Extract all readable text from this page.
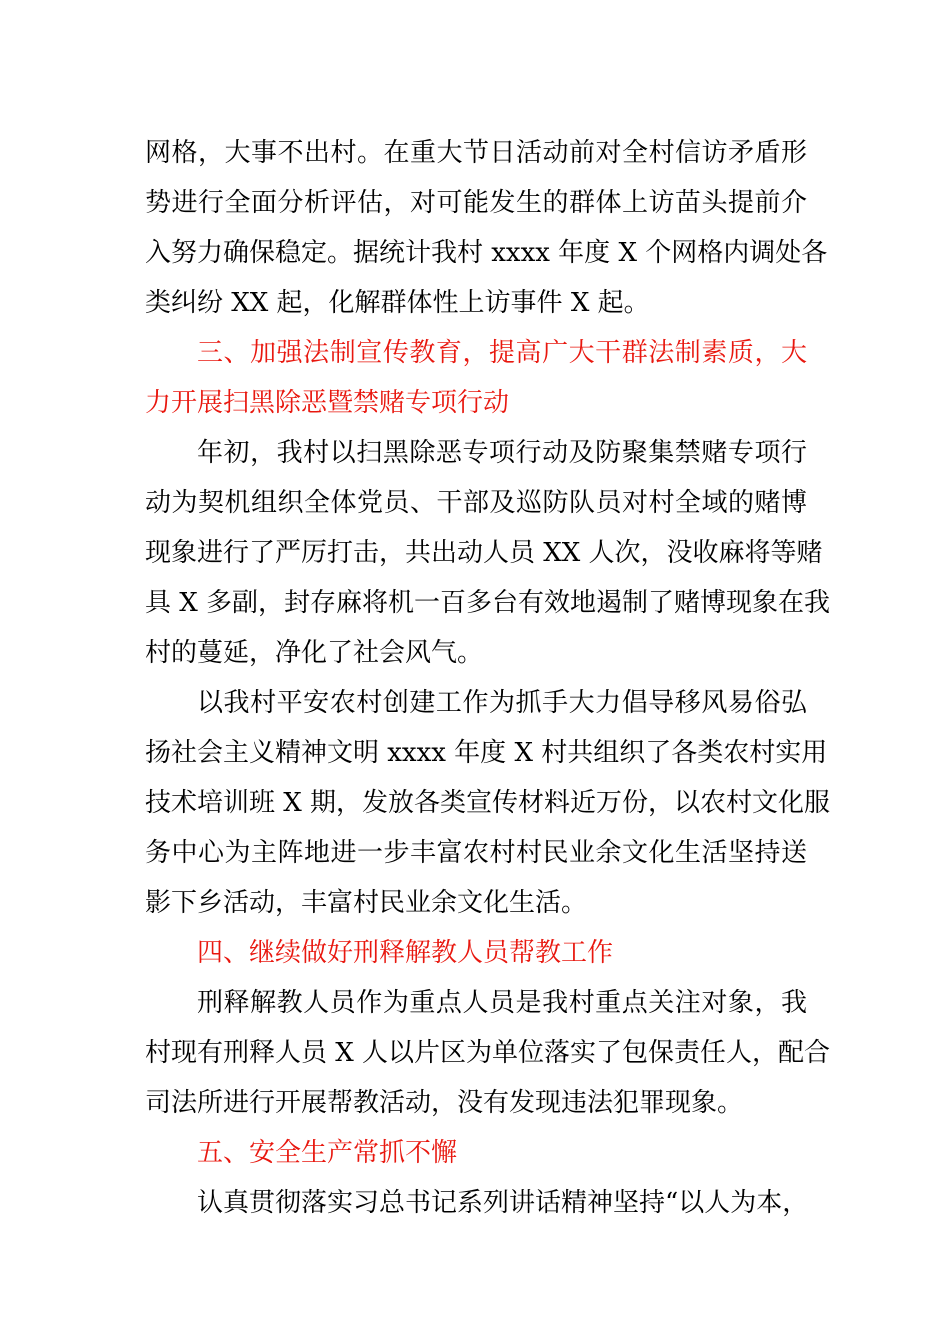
网格，大事不出村。在重大节日活动前对全村信访矛盾形
势进行全面分析评估，对可能发生的群体上访苗头提前介
入努力确保稳定。据统计我村 xxxx 年度 X 个网格内调处各
类纠纷 XX 起，化解群体性上访事件 X 起。
三、加强法制宣传教育，提高广大干群法制素质，大
力开展扫黑除恶暨禁赌专项行动
年初，我村以扫黑除恶专项行动及防聚集禁赌专项行
动为契机组织全体党员、干部及巡防队员对村全域的赌博
现象进行了严厉打击，共出动人员 XX 人次，没收麻将等赌
具 X 多副，封存麻将机一百多台有效地遏制了赌博现象在我
村的蔓延，净化了社会风气。
以我村平安农村创建工作为抓手大力倡导移风易俗弘
扬社会主义精神文明 xxxx 年度 X 村共组织了各类农村实用
技术培训班 X 期，发放各类宣传材料近万份，以农村文化服
务中心为主阵地进一步丰富农村村民业余文化生活坚持送
影下乡活动，丰富村民业余文化生活。
四、继续做好刑释解教人员帮教工作
刑释解教人员作为重点人员是我村重点关注对象，我
村现有刑释人员 X 人以片区为单位落实了包保责任人，配合
司法所进行开展帮教活动，没有发现违法犯罪现象。
五、安全生产常抓不懈
认真贯彻落实习总书记系列讲话精神坚持“以人为本，
